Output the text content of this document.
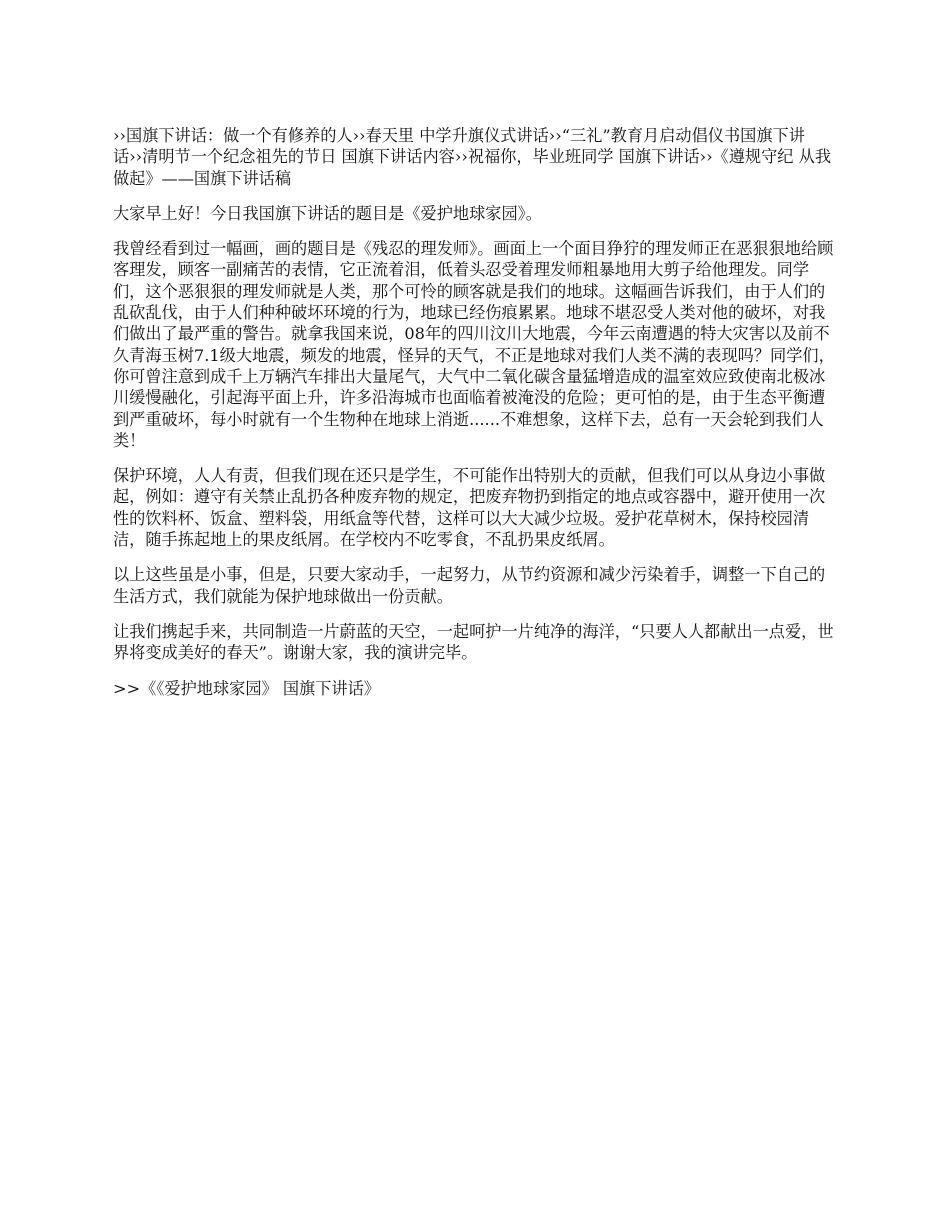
››国旗下讲话：做一个有修养的人››春天里 中学升旗仪式讲话››“三礼”教育月启动倡仪书国旗下讲话››清明节一个纪念祖先的节日 国旗下讲话内容››祝福你，毕业班同学 国旗下讲话››《遵规守纪 从我做起》——国旗下讲话稿

大家早上好！今日我国旗下讲话的题目是《爱护地球家园》。

我曾经看到过一幅画，画的题目是《残忍的理发师》。画面上一个面目狰狞的理发师正在恶狠狠地给顾客理发，顾客一副痛苦的表情，它正流着泪，低着头忍受着理发师粗暴地用大剪子给他理发。同学们，这个恶狠狠的理发师就是人类，那个可怜的顾客就是我们的地球。这幅画告诉我们，由于人们的乱砍乱伐，由于人们种种破坏环境的行为，地球已经伤痕累累。地球不堪忍受人类对他的破坏，对我们做出了最严重的警告。就拿我国来说，08年的四川汶川大地震，今年云南遭遇的特大灾害以及前不久青海玉树7.1级大地震，频发的地震，怪异的天气，不正是地球对我们人类不满的表现吗？同学们，你可曾注意到成千上万辆汽车排出大量尾气，大气中二氧化碳含量猛增造成的温室效应致使南北极冰川缓慢融化，引起海平面上升，许多沿海城市也面临着被淹没的危险；更可怕的是，由于生态平衡遭到严重破坏，每小时就有一个生物种在地球上消逝......不难想象，这样下去，总有一天会轮到我们人类！

保护环境，人人有责，但我们现在还只是学生，不可能作出特别大的贡献，但我们可以从身边小事做起，例如：遵守有关禁止乱扔各种废弃物的规定，把废弃物扔到指定的地点或容器中，避开使用一次性的饮料杯、饭盒、塑料袋，用纸盒等代替，这样可以大大减少垃圾。爱护花草树木，保持校园清洁，随手拣起地上的果皮纸屑。在学校内不吃零食，不乱扔果皮纸屑。

以上这些虽是小事，但是，只要大家动手，一起努力，从节约资源和减少污染着手，调整一下自己的生活方式，我们就能为保护地球做出一份贡献。

让我们携起手来，共同制造一片蔚蓝的天空，一起呵护一片纯净的海洋，“只要人人都献出一点爱，世界将变成美好的春天”。谢谢大家，我的演讲完毕。

>>《《爱护地球家园》 国旗下讲话》
